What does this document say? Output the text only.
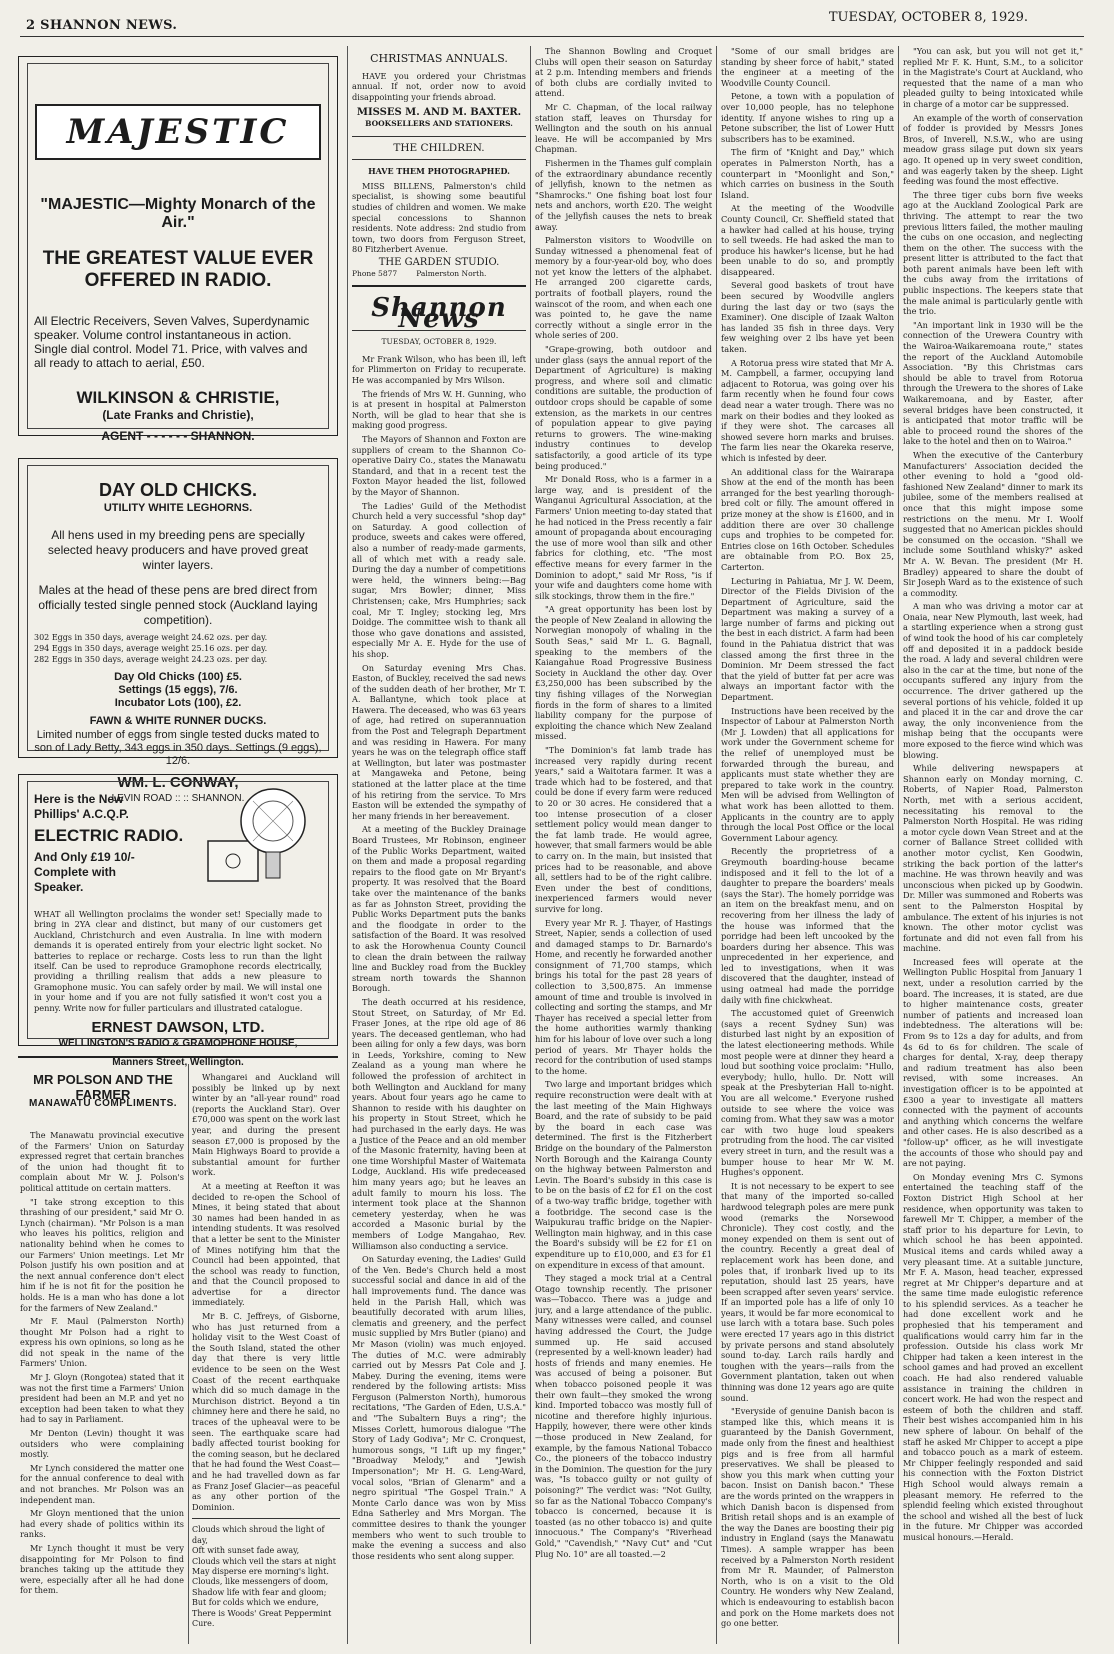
2 SHANNON NEWS.
TUESDAY, OCTOBER 8, 1929.
MAJESTIC
"MAJESTIC—Mighty Monarch of the Air."
THE GREATEST VALUE EVER OFFERED IN RADIO.
All Electric Receivers, Seven Valves, Superdynamic speaker. Volume control instantaneous in action. Single dial control. Model 71. Price, with valves and all ready to attach to aerial, £50.
WILKINSON & CHRISTIE,
(Late Franks and Christie),
AGENT - - - - - - SHANNON.
DAY OLD CHICKS.
UTILITY WHITE LEGHORNS.
All hens used in my breeding pens are specially selected heavy producers and have proved great winter layers.
Males at the head of these pens are bred direct from officially tested single penned stock (Auckland laying competition).
302 Eggs in 350 days, average weight 24.62 ozs. per day.
294 Eggs in 350 days, average weight 25.16 ozs. per day.
282 Eggs in 350 days, average weight 24.23 ozs. per day.
Day Old Chicks (100) £5.
Settings (15 eggs), 7/6.
Incubator Lots (100), £2.
FAWN & WHITE RUNNER DUCKS.
Limited number of eggs from single tested ducks mated to son of Lady Betty, 343 eggs in 350 days. Settings (9 eggs), 12/6.
WM. L. CONWAY,
LEVIN ROAD :: :: SHANNON.
Here is the New Phillips' A.C.Q.P.
ELECTRIC RADIO.
And Only £19 10/- Complete with Speaker.
WHAT all Wellington proclaims the wonder set! Specially made to bring in 2YA clear and distinct, but many of our customers get Auckland, Christchurch and even Australia. In line with modern demands it is operated entirely from your electric light socket. No batteries to replace or recharge. Costs less to run than the light itself. Can be used to reproduce Gramophone records electrically, providing a thrilling realism that adds a new pleasure to Gramophone music. You can safely order by mail. We will instal one in your home and if you are not fully satisfied it won't cost you a penny. Write now for fuller particulars and illustrated catalogue.
ERNEST DAWSON, LTD.
WELLINGTON'S RADIO & GRAMOPHONE HOUSE,
Manners Street, Wellington.
MR POLSON AND THE FARMER
MANAWATU COMPLIMENTS.

The Manawatu provincial executive of the Farmers' Union on Saturday expressed regret that certain branches of the union had thought fit to complain about Mr W. J. Polson's political attitude on certain matters.

"I take strong exception to this thrashing of our president," said Mr O. Lynch (chairman). "Mr Polson is a man who leaves his politics, religion and nationality behind when he comes to our Farmers' Union meetings. Let Mr Polson justify his own position and at the next annual conference don't elect him if he is not fit for the position he holds. He is a man who has done a lot for the farmers of New Zealand."

Mr F. Maul (Palmerston North) thought Mr Polson had a right to express his own opinions, so long as he did not speak in the name of the Farmers' Union.

Mr J. Gloyn (Rongotea) stated that it was not the first time a Farmers' Union president had been an M.P. and yet no exception had been taken to what they had to say in Parliament.

Mr Denton (Levin) thought it was outsiders who were complaining mostly.

Mr Lynch considered the matter one for the annual conference to deal with and not branches. Mr Polson was an independent man.

Mr Gloyn mentioned that the union had every shade of politics within its ranks.

Mr Lynch thought it must be very disappointing for Mr Polson to find branches taking up the attitude they were, especially after all he had done for them.

Whangarei and Auckland will possibly be linked up by next winter by an "all-year round" road (reports the Auckland Star). Over £70,000 was spent on the work last year, and during the present season £7,000 is proposed by the Main Highways Board to provide a substantial amount for further work.

At a meeting at Reefton it was decided to re-open the School of Mines, it being stated that about 30 names had been handed in as intending students. It was resolved that a letter be sent to the Minister of Mines notifying him that the Council had been appointed, that the school was ready to function, and that the Council proposed to advertise for a director immediately.

Mr B. C. Jeffreys, of Gisborne, who has just returned from a holiday visit to the West Coast of the South Island, stated the other day that there is very little evidence to be seen on the West Coast of the recent earthquake which did so much damage in the Murchison district. Beyond a tin chimney here and there he said, no traces of the upheaval were to be seen. The earthquake scare had badly affected tourist booking for the coming season, but he declared that he had found the West Coast—and he had travelled down as far as Franz Josef Glacier—as peaceful as any other portion of the Dominion.

Clouds which shroud the light of day,
Oft with sunset fade away,
Clouds which veil the stars at night
May disperse ere morning's light.
Clouds, like messengers of doom,
Shadow life with fear and gloom;
But for colds which we endure,
There is Woods' Great Peppermint Cure.
CHRISTMAS ANNUALS.

HAVE you ordered your Christmas annual. If not, order now to avoid disappointing your friends abroad.

MISSES M. AND M. BAXTER.
BOOKSELLERS AND STATIONERS.
THE CHILDREN.
HAVE THEM PHOTOGRAPHED.

MISS BILLENS, Palmerston's child specialist, is showing some beautiful studies of children and women. We make special concessions to Shannon residents. Note address: 2nd studio from town, two doors from Ferguson Street, 80 Fitzherbert Avenue.

THE GARDEN STUDIO.
Phone 5877        Palmerston North.
Shannon News
TUESDAY, OCTOBER 8, 1929.

Mr Frank Wilson, who has been ill, left for Plimmerton on Friday to recuperate. He was accompanied by Mrs Wilson.

The friends of Mrs W. H. Gunning, who is at present in hospital at Palmerston North, will be glad to hear that she is making good progress.

The Mayors of Shannon and Foxton are suppliers of cream to the Shannon Co-operative Dairy Co., states the Manawatu Standard, and that in a recent test the Foxton Mayor headed the list, followed by the Mayor of Shannon.

The Ladies' Guild of the Methodist Church held a very successful "shop day" on Saturday. A good collection of produce, sweets and cakes were offered, also a number of ready-made garments, all of which met with a ready sale. During the day a number of competitions were held, the winners being:—Bag sugar, Mrs Bowler; dinner, Miss Christensen; cake, Mrs Humphries; sack coal, Mr T. Ingley; stocking leg, Mrs Doidge. The committee wish to thank all those who gave donations and assisted, especially Mr A. E. Hyde for the use of his shop.

On Saturday evening Mrs Chas. Easton, of Buckley, received the sad news of the sudden death of her brother, Mr T. A. Ballantyne, which took place at Hawera. The deceased, who was 63 years of age, had retired on superannuation from the Post and Telegraph Department and was residing in Hawera. For many years he was on the telegraph office staff at Wellington, but later was postmaster at Mangaweka and Petone, being stationed at the latter place at the time of his retiring from the service. To Mrs Easton will be extended the sympathy of her many friends in her bereavement.

At a meeting of the Buckley Drainage Board Trustees, Mr Robinson, engineer of the Public Works Department, waited on them and made a proposal regarding repairs to the flood gate on Mr Bryant's property. It was resolved that the Board take over the maintenance of the banks as far as Johnston Street, providing the Public Works Department puts the banks and the floodgate in order to the satisfaction of the Board. It was resolved to ask the Horowhenua County Council to clean the drain between the railway line and Buckley road from the Buckley stream north towards the Shannon Borough.

The death occurred at his residence, Stout Street, on Saturday, of Mr Ed. Fraser Jones, at the ripe old age of 86 years. The deceased gentleman, who had been ailing for only a few days, was born in Leeds, Yorkshire, coming to New Zealand as a young man where he followed the profession of architect in both Wellington and Auckland for many years. About four years ago he came to Shannon to reside with his daughter on his property in Stout Street, which he had purchased in the early days. He was a Justice of the Peace and an old member of the Masonic fraternity, having been at one time Worshipful Master of Waitemata Lodge, Auckland. His wife predeceased him many years ago; but he leaves an adult family to mourn his loss. The interment took place at the Shannon cemetery yesterday, when he was accorded a Masonic burial by the members of Lodge Mangahao, Rev. Williamson also conducting a service.

On Saturday evening, the Ladies' Guild of the Ven. Bede's Church held a most successful social and dance in aid of the hall improvements fund. The dance was held in the Parish Hall, which was beautifully decorated with arum lilies, clematis and greenery, and the perfect music supplied by Mrs Butler (piano) and Mr Mason (violin) was much enjoyed. The duties of M.C. were admirably carried out by Messrs Pat Cole and J. Mabey. During the evening, items were rendered by the following artists: Miss Ferguson (Palmerston North), humorous recitations, "The Garden of Eden, U.S.A." and "The Subaltern Buys a ring"; the Misses Corlett, humorous dialogue "The Story of Lady Godiva"; Mr C. Cronquest, humorous songs, "I Lift up my finger," "Broadway Melody," and "Jewish Impersonation"; Mr H. G. Leng-Ward, vocal solos, "Brian of Glenarm" and a negro spiritual "The Gospel Train." A Monte Carlo dance was won by Miss Edna Satherley and Mrs Morgan. The committee desires to thank the younger members who went to such trouble to make the evening a success and also those residents who sent along supper.

The Shannon Bowling and Croquet Clubs will open their season on Saturday at 2 p.m. Intending members and friends of both clubs are cordially invited to attend.

Mr C. Chapman, of the local railway station staff, leaves on Thursday for Wellington and the south on his annual leave. He will be accompanied by Mrs Chapman.

Fishermen in the Thames gulf complain of the extraordinary abundance recently of jellyfish, known to the netmen as "Shamrocks." One fishing boat lost four nets and anchors, worth £20. The weight of the jellyfish causes the nets to break away.

Palmerston visitors to Woodville on Sunday witnessed a phenomenal feat of memory by a four-year-old boy, who does not yet know the letters of the alphabet. He arranged 200 cigarette cards, portraits of football players, round the wainscot of the room, and when each one was pointed to, he gave the name correctly without a single error in the whole series of 200.

"Grape-growing, both outdoor and under glass (says the annual report of the Department of Agriculture) is making progress, and where soil and climatic conditions are suitable, the production of outdoor crops should be capable of some extension, as the markets in our centres of population appear to give paying returns to growers. The wine-making industry continues to develop satisfactorily, a good article of its type being produced."

Mr Donald Ross, who is a farmer in a large way, and is president of the Wanganui Agricultural Association, at the Farmers' Union meeting to-day stated that he had noticed in the Press recently a fair amount of propaganda about encouraging the use of more wool than silk and other fabrics for clothing, etc. "The most effective means for every farmer in the Dominion to adopt," said Mr Ross, "is if your wife and daughters come home with silk stockings, throw them in the fire."

"A great opportunity has been lost by the people of New Zealand in allowing the Norwegian monopoly of whaling in the South Seas," said Mr L. G. Bagnall, speaking to the members of the Kaiangahue Road Progressive Business Society in Auckland the other day. Over £3,250,000 has been subscribed by the tiny fishing villages of the Norwegian fiords in the form of shares to a limited liability company for the purpose of exploiting the chance which New Zealand missed.

"The Dominion's fat lamb trade has increased very rapidly during recent years," said a Waitotara farmer. It was a trade which had to be fostered, and that could be done if every farm were reduced to 20 or 30 acres. He considered that a too intense prosecution of a closer settlement policy would mean danger to the fat lamb trade. He would agree, however, that small farmers would be able to carry on. In the main, but insisted that prices had to be reasonable, and above all, settlers had to be of the right calibre. Even under the best of conditions, inexperienced farmers would never survive for long.

Every year Mr R. J. Thayer, of Hastings Street, Napier, sends a collection of used and damaged stamps to Dr. Barnardo's Home, and recently he forwarded another consignment of 71,700 stamps, which brings his total for the past 28 years of collection to 3,500,875. An immense amount of time and trouble is involved in collecting and sorting the stamps, and Mr Thayer has received a special letter from the home authorities warmly thanking him for his labour of love over such a long period of years. Mr Thayer holds the record for the contribution of used stamps to the home.

Two large and important bridges which require reconstruction were dealt with at the last meeting of the Main Highways Board, and the rate of subsidy to be paid by the board in each case was determined. The first is the Fitzherbert Bridge on the boundary of the Palmerston North Borough and the Kairanga County on the highway between Palmerston and Levin. The Board's subsidy in this case is to be on the basis of £2 for £1 on the cost of a two-way traffic bridge, together with a footbridge. The second case is the Waipukurau traffic bridge on the Napier-Wellington main highway, and in this case the Board's subsidy will be £2 for £1 on expenditure up to £10,000, and £3 for £1 on expenditure in excess of that amount.

They staged a mock trial at a Central Otago township recently. The prisoner was—Tobacco. There was a judge and jury, and a large attendance of the public. Many witnesses were called, and counsel having addressed the Court, the Judge summed up. He said accused (represented by a well-known leader) had hosts of friends and many enemies. He was accused of being a poisoner. But when tobacco poisoned people it was their own fault—they smoked the wrong kind. Imported tobacco was mostly full of nicotine and therefore highly injurious. Happily, however, there were other kinds—those produced in New Zealand, for example, by the famous National Tobacco Co., the pioneers of the tobacco industry in the Dominion. The question for the jury was, "Is tobacco guilty or not guilty of poisoning?" The verdict was: "Not Guilty, so far as the National Tobacco Company's tobacco is concerned, because it is toasted (as no other tobacco is) and quite innocuous." The Company's "Riverhead Gold," "Cavendish," "Navy Cut" and "Cut Plug No. 10" are all toasted.—2

"Some of our small bridges are standing by sheer force of habit," stated the engineer at a meeting of the Woodville County Council.

Petone, a town with a population of over 10,000 people, has no telephone identity. If anyone wishes to ring up a Petone subscriber, the list of Lower Hutt subscribers has to be examined.

The firm of "Knight and Day," which operates in Palmerston North, has a counterpart in "Moonlight and Son," which carries on business in the South Island.

At the meeting of the Woodville County Council, Cr. Sheffield stated that a hawker had called at his house, trying to sell tweeds. He had asked the man to produce his hawker's license, but he had been unable to do so, and promptly disappeared.

Several good baskets of trout have been secured by Woodville anglers during the last day or two (says the Examiner). One disciple of Izaak Walton has landed 35 fish in three days. Very few weighing over 2 lbs have yet been taken.

A Rotorua press wire stated that Mr A. M. Campbell, a farmer, occupying land adjacent to Rotorua, was going over his farm recently when he found four cows dead near a water trough. There was no mark on their bodies and they looked as if they were shot. The carcases all showed severe horn marks and bruises. The farm lies near the Okareka reserve, which is infested by deer.

An additional class for the Wairarapa Show at the end of the month has been arranged for the best yearling thorough-bred colt or filly. The amount offered in prize money at the show is £1600, and in addition there are over 30 challenge cups and trophies to be competed for. Entries close on 16th October. Schedules are obtainable from P.O. Box 25, Carterton.

Lecturing in Pahiatua, Mr J. W. Deem, Director of the Fields Division of the Department of Agriculture, said the Department was making a survey of a large number of farms and picking out the best in each district. A farm had been found in the Pahiatua district that was classed among the first three in the Dominion. Mr Deem stressed the fact that the yield of butter fat per acre was always an important factor with the Department.

Instructions have been received by the Inspector of Labour at Palmerston North (Mr J. Lowden) that all applications for work under the Government scheme for the relief of unemployed must be forwarded through the bureau, and applicants must state whether they are prepared to take work in the country. Men will be advised from Wellington of what work has been allotted to them. Applicants in the country are to apply through the local Post Office or the local Government Labour agency.

Recently the proprietress of a Greymouth boarding-house became indisposed and it fell to the lot of a daughter to prepare the boarders' meals (says the Star). The homely porridge was an item on the breakfast menu, and on recovering from her illness the lady of the house was informed that the porridge had been left uncooked by the boarders during her absence. This was unprecedented in her experience, and led to investigations, when it was discovered that the daughter, instead of using oatmeal had made the porridge daily with fine chickwheat.

The accustomed quiet of Greenwich (says a recent Sydney Sun) was disturbed last night by an exposition of the latest electioneering methods. While most people were at dinner they heard a loud but soothing voice proclaim: "Hullo, everybody; hullo, hullo. Dr. Nott will speak at the Presbyterian Hall to-night. You are all welcome." Everyone rushed outside to see where the voice was coming from. What they saw was a motor car with two huge loud speakers protruding from the hood. The car visited every street in turn, and the result was a bumper house to hear Mr W. M. Hughes's opponent.

It is not necessary to be expert to see that many of the imported so-called hardwood telegraph poles are mere punk wood (remarks the Norsewood Chronicle). They cost costly, and the money expended on them is sent out of the country. Recently a great deal of replacement work has been done, and poles that, if ironbark lived up to its reputation, should last 25 years, have been scrapped after seven years' service. If an imported pole has a life of only 10 years, it would be far more economical to use larch with a totara base. Such poles were erected 17 years ago in this district by private persons and stand absolutely sound to-day. Larch rails hardly and toughen with the years—rails from the Government plantation, taken out when thinning was done 12 years ago are quite sound.

"Everyside of genuine Danish bacon is stamped like this, which means it is guaranteed by the Danish Government, made only from the finest and healthiest pigs and is free from all harmful preservatives. We shall be pleased to show you this mark when cutting your bacon. Insist on Danish bacon." These are the words printed on the wrappers in which Danish bacon is dispensed from British retail shops and is an example of the way the Danes are boosting their pig industry in England (says the Manawatu Times). A sample wrapper has been received by a Palmerston North resident from Mr R. Maunder, of Palmerston North, who is on a visit to the Old Country. He wonders why New Zealand, which is endeavouring to establish bacon and pork on the Home markets does not go one better.

"You can ask, but you will not get it," replied Mr F. K. Hunt, S.M., to a solicitor in the Magistrate's Court at Auckland, who requested that the name of a man who pleaded guilty to being intoxicated while in charge of a motor car be suppressed.

An example of the worth of conservation of fodder is provided by Messrs Jones Bros, of Inverell, N.S.W., who are using meadow grass silage put down six years ago. It opened up in very sweet condition, and was eagerly taken by the sheep. Light feeding was found the most effective.

The three tiger cubs born five weeks ago at the Auckland Zoological Park are thriving. The attempt to rear the two previous litters failed, the mother mauling the cubs on one occasion, and neglecting them on the other. The success with the present litter is attributed to the fact that both parent animals have been left with the cubs away from the irritations of public inspections. The keepers state that the male animal is particularly gentle with the trio.

"An important link in 1930 will be the connection of the Urewera Country with the Wairoa-Waikaremoana route," states the report of the Auckland Automobile Association. "By this Christmas cars should be able to travel from Rotorua through the Urewera to the shores of Lake Waikaremoana, and by Easter, after several bridges have been constructed, it is anticipated that motor traffic will be able to proceed round the shores of the lake to the hotel and then on to Wairoa."

When the executive of the Canterbury Manufacturers' Association decided the other evening to hold a "good old-fashioned New Zealand" dinner to mark its jubilee, some of the members realised at once that this might impose some restrictions on the menu. Mr I. Woolf suggested that no American pickles should be consumed on the occasion. "Shall we include some Southland whisky?" asked Mr A. W. Bevan. The president (Mr H. Bradley) appeared to share the doubt of Sir Joseph Ward as to the existence of such a commodity.

A man who was driving a motor car at Onaia, near New Plymouth, last week, had a startling experience when a strong gust of wind took the hood of his car completely off and deposited it in a paddock beside the road. A lady and several children were also in the car at the time, but none of the occupants suffered any injury from the occurrence. The driver gathered up the several portions of his vehicle, folded it up and placed it in the car and drove the car away, the only inconvenience from the mishap being that the occupants were more exposed to the fierce wind which was blowing.

While delivering newspapers at Shannon early on Monday morning, C. Roberts, of Napier Road, Palmerston North, met with a serious accident, necessitating his removal to the Palmerston North Hospital. He was riding a motor cycle down Vean Street and at the corner of Ballance Street collided with another motor cyclist, Ken Goodwin, striking the back portion of the latter's machine. He was thrown heavily and was unconscious when picked up by Goodwin. Dr. Miller was summoned and Roberts was sent to the Palmerston Hospital by ambulance. The extent of his injuries is not known. The other motor cyclist was fortunate and did not even fall from his machine.

Increased fees will operate at the Wellington Public Hospital from January 1 next, under a resolution carried by the board. The increases, it is stated, are due to higher maintenance costs, greater number of patients and increased loan indebtedness. The alterations will be: From 9s to 12s a day for adults, and from 4s 6d to 6s for children. The scale of charges for dental, X-ray, deep therapy and radium treatment has also been revised, with some increases. An investigation officer is to be appointed at £300 a year to investigate all matters connected with the payment of accounts and anything which concerns the welfare and other cases. He is also described as a "follow-up" officer, as he will investigate the accounts of those who should pay and are not paying.

On Monday evening Mrs C. Symons entertained the teaching staff of the Foxton District High School at her residence, when opportunity was taken to farewell Mr T. Chipper, a member of the staff prior to his departure for Levin, to which school he has been appointed. Musical items and cards whiled away a very pleasant time. At a suitable juncture, Mr F. A. Mason, head teacher, expressed regret at Mr Chipper's departure and at the same time made eulogistic reference to his splendid services. As a teacher he had done excellent work and he prophesied that his temperament and qualifications would carry him far in the profession. Outside his class work Mr Chipper had taken a keen interest in the school games and had proved an excellent coach. He had also rendered valuable assistance in training the children in concert work. He had won the respect and esteem of both the children and staff. Their best wishes accompanied him in his new sphere of labour. On behalf of the staff he asked Mr Chipper to accept a pipe and tobacco pouch as a mark of esteem. Mr Chipper feelingly responded and said his connection with the Foxton District High School would always remain a pleasant memory. He referred to the splendid feeling which existed throughout the school and wished all the best of luck in the future. Mr Chipper was accorded musical honours.—Herald.
